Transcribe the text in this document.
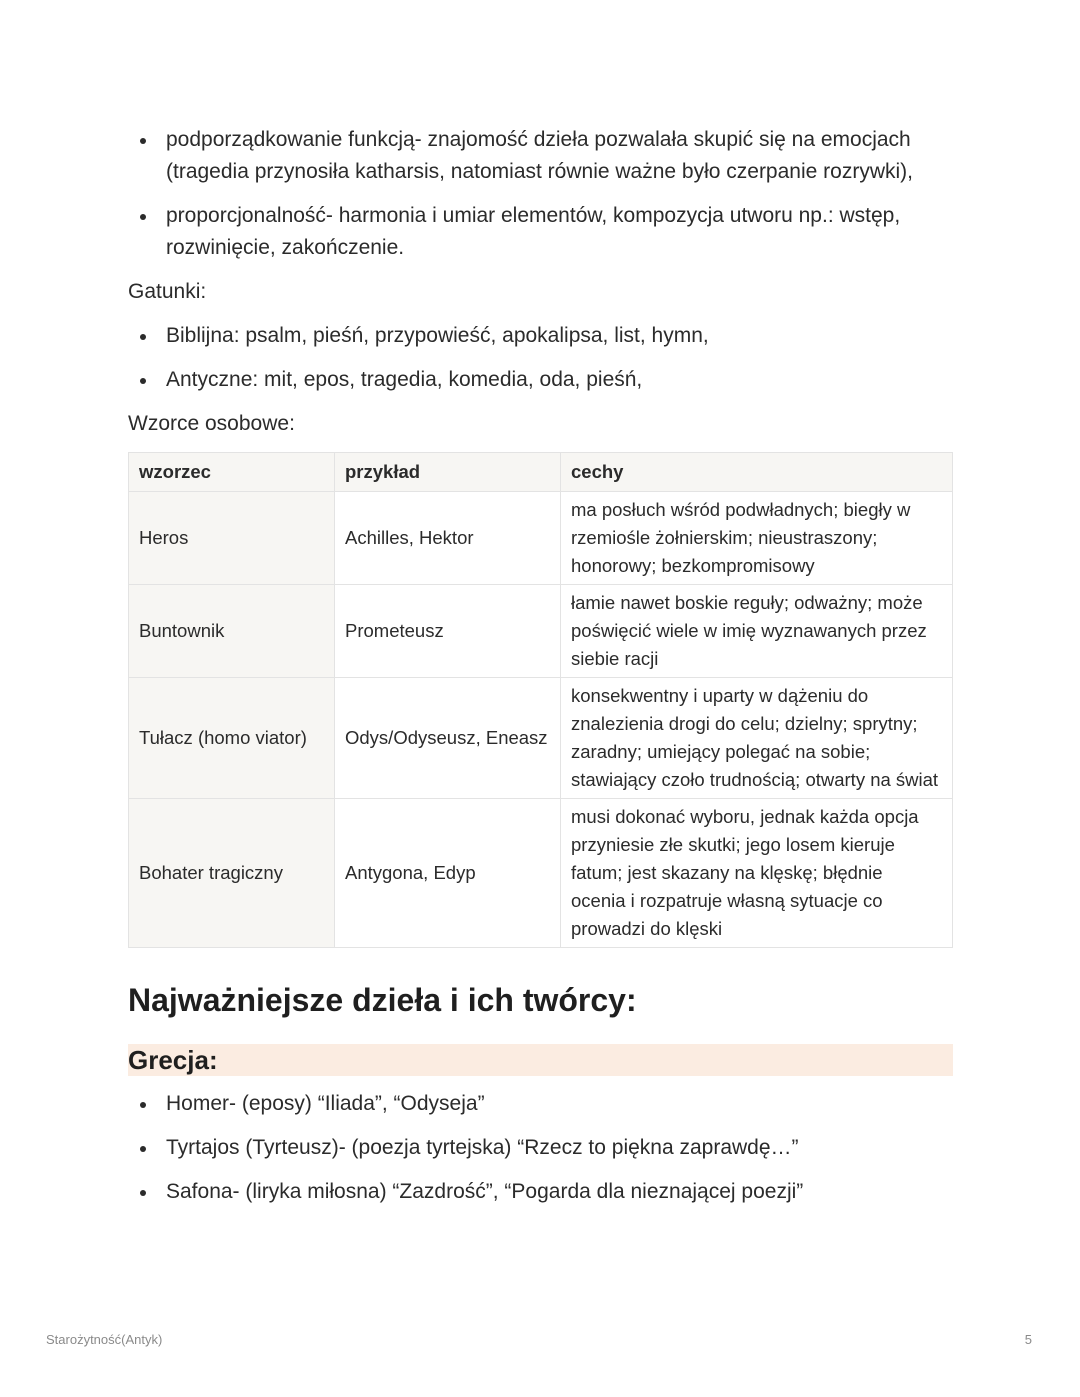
podporządkowanie funkcją- znajomość dzieła pozwalała skupić się na emocjach (tragedia przynosiła katharsis, natomiast równie ważne było czerpanie rozrywki),
proporcjonalność- harmonia i umiar elementów, kompozycja utworu np.: wstęp, rozwinięcie, zakończenie.

Gatunki:

Biblijna: psalm, pieśń, przypowieść, apokalipsa, list, hymn,
Antyczne: mit, epos, tragedia, komedia, oda, pieśń,

Wzorce osobowe:

wzorzec	przykład	cechy
Heros	Achilles, Hektor	ma posłuch wśród podwładnych; biegły w rzemiośle żołnierskim; nieustraszony; honorowy; bezkompromisowy
Buntownik	Prometeusz	łamie nawet boskie reguły; odważny; może poświęcić wiele w imię wyznawanych przez siebie racji
Tułacz (homo viator)	Odys/Odyseusz, Eneasz	konsekwentny i uparty w dążeniu do znalezienia drogi do celu; dzielny; sprytny; zaradny; umiejący polegać na sobie; stawiający czoło trudnością; otwarty na świat
Bohater tragiczny	Antygona, Edyp	musi dokonać wyboru, jednak każda opcja przyniesie złe skutki; jego losem kieruje fatum; jest skazany na klęskę; błędnie ocenia i rozpatruje własną sytuacje co prowadzi do klęski
Najważniejsze dzieła i ich twórcy:
Grecja:
Homer- (eposy) “Iliada”, “Odyseja”
Tyrtajos (Tyrteusz)- (poezja tyrtejska) “Rzecz to piękna zaprawdę…”
Safona- (liryka miłosna) “Zazdrość”, “Pogarda dla nieznającej poezji”
Starożytność(Antyk)	5
